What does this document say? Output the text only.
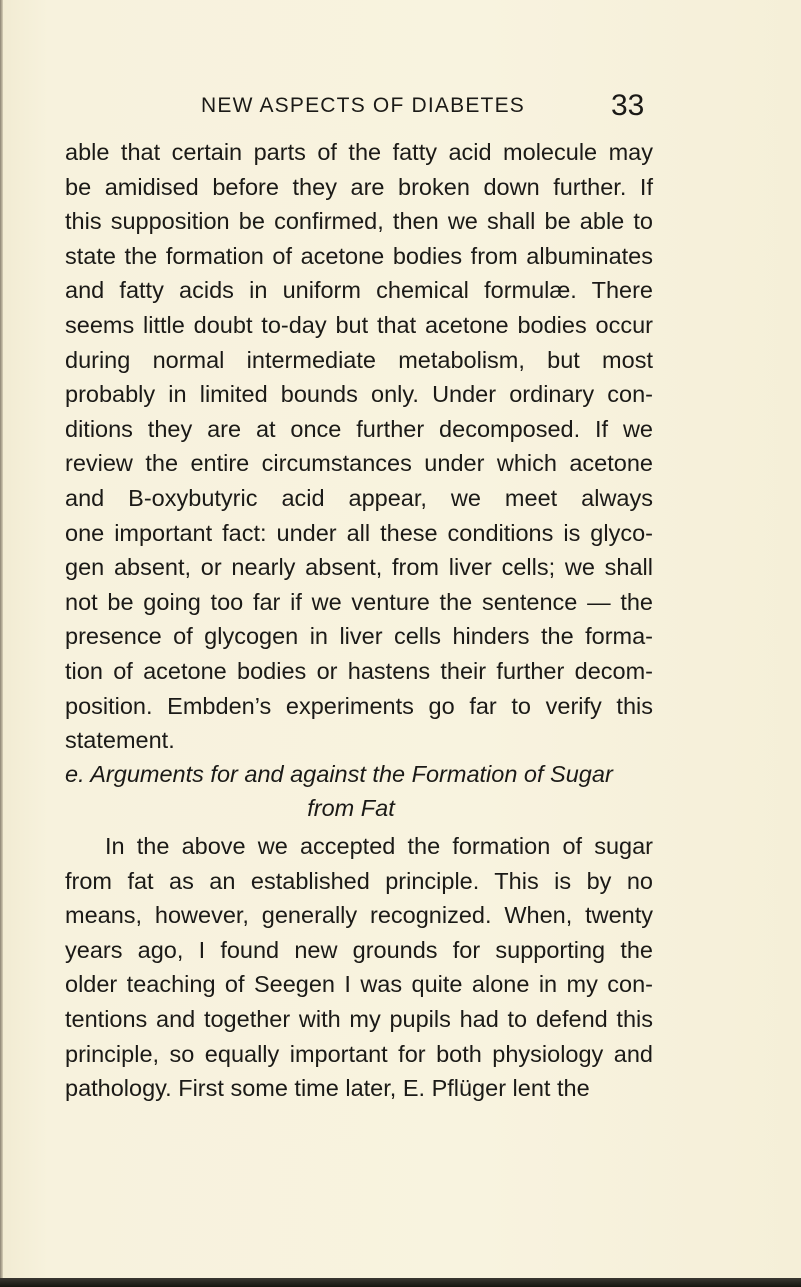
NEW ASPECTS OF DIABETES	33
able that certain parts of the fatty acid molecule may
be amidised before they are broken down further. If
this supposition be confirmed, then we shall be able to
state the formation of acetone bodies from albuminates
and fatty acids in uniform chemical formulæ. There
seems little doubt to-day but that acetone bodies occur
during normal intermediate metabolism, but most
probably in limited bounds only. Under ordinary con-
ditions they are at once further decomposed. If we
review the entire circumstances under which acetone
and B-oxybutyric acid appear, we meet always
one important fact: under all these conditions is glyco-
gen absent, or nearly absent, from liver cells; we shall
not be going too far if we venture the sentence — the
presence of glycogen in liver cells hinders the forma-
tion of acetone bodies or hastens their further decom-
position. Embden’s experiments go far to verify this
statement.
e. Arguments for and against the Formation of Sugar
from Fat
In the above we accepted the formation of sugar
from fat as an established principle. This is by no
means, however, generally recognized. When, twenty
years ago, I found new grounds for supporting the
older teaching of Seegen I was quite alone in my con-
tentions and together with my pupils had to defend this
principle, so equally important for both physiology and
pathology. First some time later, E. Pflüger lent the
